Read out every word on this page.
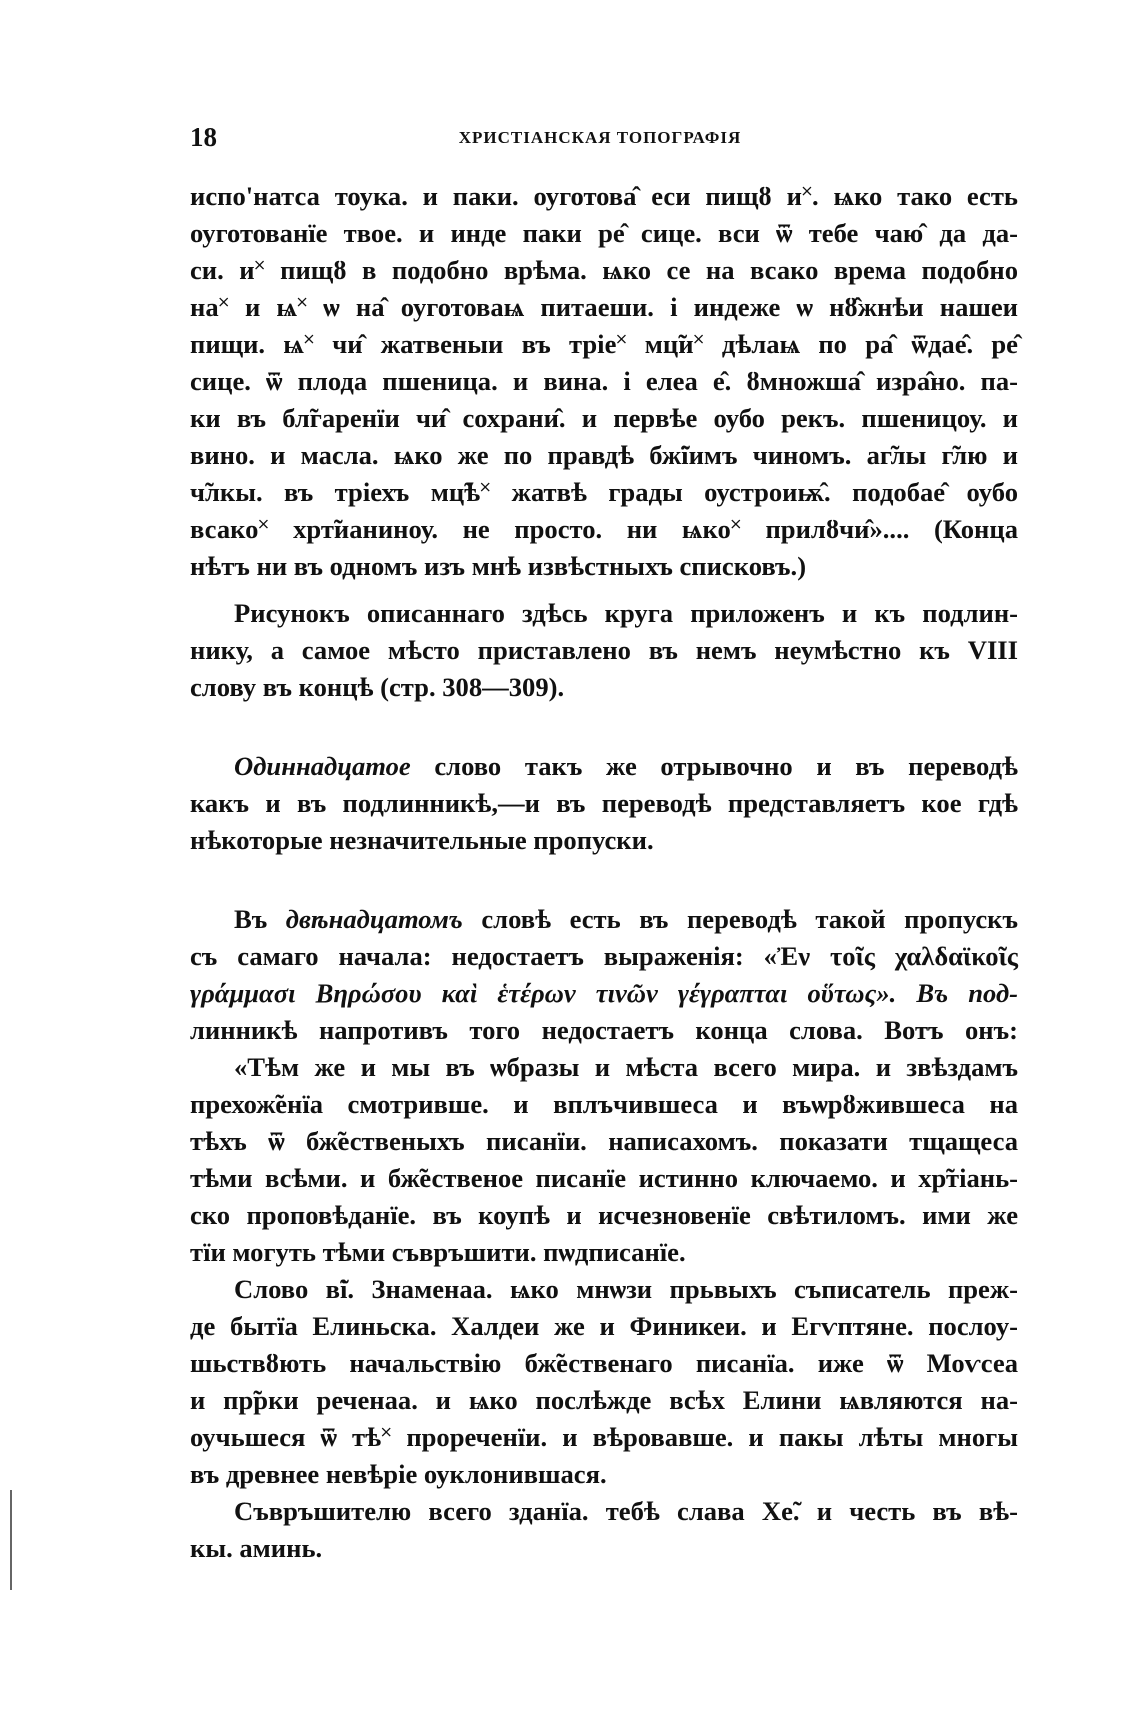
18	ХРИСТІАНСКАЯ ТОПОГРАФІЯ
испо'натса тоука. и паки. оуготова̂ еси пищȣ и˟. ѩко тако есть
оуготованїе твое. и инде паки ре̂ сице. вси ѿ тебе чаю̂ да да-
си. и˟ пищȣ в подобно врѣма. ѩко се на всако врема подобно
на˟ и ѩ˟ ѡ на̂ оуготоваѩ питаеши. і индеже ѡ нȣ̂жнѣи нашеи
пищи. ѩ˟ чи̂ жатвеныи въ тріе˟ мц̃и˟ дѣлаѩ по ра̂ ѿдае̂. ре̂
сице. ѿ плода пшеница. и вина. і елеа е̂. ȣмножша̂ изра̂но. па-
ки въ бл̃гаренїи чи̂ сохрани̂. и первѣе оубо рекъ. пшеницоу. и
вино. и масла. ѩко же по правдѣ бж̃їимъ чиномъ. аг̃лы г̃лю и
ч̃лкы. въ тріехъ мц̃ѣ˟ жатвѣ грады оустроиѭ̂. подобае̂ оубо
всако˟ хрт̃ианиноу. не просто. ни ѩко˟ прилȣчи̂».... (Конца
нѣтъ ни въ одномъ изъ мнѣ извѣстныхъ списковъ.)
Рисунокъ описаннаго здѣсь круга приложенъ и къ подлин-
нику, а самое мѣсто приставлено въ немъ неумѣстно къ VIII
слову въ концѣ (стр. 308—309).
Одиннадцатое слово такъ же отрывочно и въ переводѣ
какъ и въ подлинникѣ,—и въ переводѣ представляетъ кое гдѣ
нѣкоторые незначительные пропуски.
Въ двѣнадцатомъ словѣ есть въ переводѣ такой пропускъ
съ самаго начала: недостаетъ выраженія: «Ἐν τοῖς χαλδαϊκοῖς
γράμμασι Βηρώσου καὶ ἑτέρων τινῶν γέγραπται οὕτως». Въ под-
линникѣ напротивъ того недостаетъ конца слова. Вотъ онъ:
«Тѣм же и мы въ ѡбразы и мѣста всего мира. и звѣздамъ
прехож̃енїа смотрившe. и вплъчившеса и въѡрȣжившеса на
тѣхъ ѿ бж̃ественыхъ писанїи. написахомъ. показати тщащеса
тѣми всѣми. и бж̃ественое писанїе истинно ключаемо. и хр̃тіань-
ско проповѣданїе. въ коупѣ и исчезновенїе свѣтиломъ. ими же
тїи могуть тѣми съвръшити. пѡдписанїе.
Слово в̃і. Знаменаа. ѩко мнѡзи прьвыхъ съписатель преж-
де бытїа Елиньска. Халдеи же и Финикеи. и Егѵптяне. послоу-
шьствȣють начальствію бж̃ественаго писанїа. иже ѿ Моѵсеа
и пр̃рки реченаа. и ѩко послѣжде всѣх Елини ѩвляются на-
оучьшеся ѿ тѣ˟ прореченїи. и вѣровавше. и пакы лѣты многы
въ древнее невѣріе оуклонившася.
Съвръшителю всего зданїа. тебѣ слава Хе̃. и честь въ вѣ-
кы. аминь.
